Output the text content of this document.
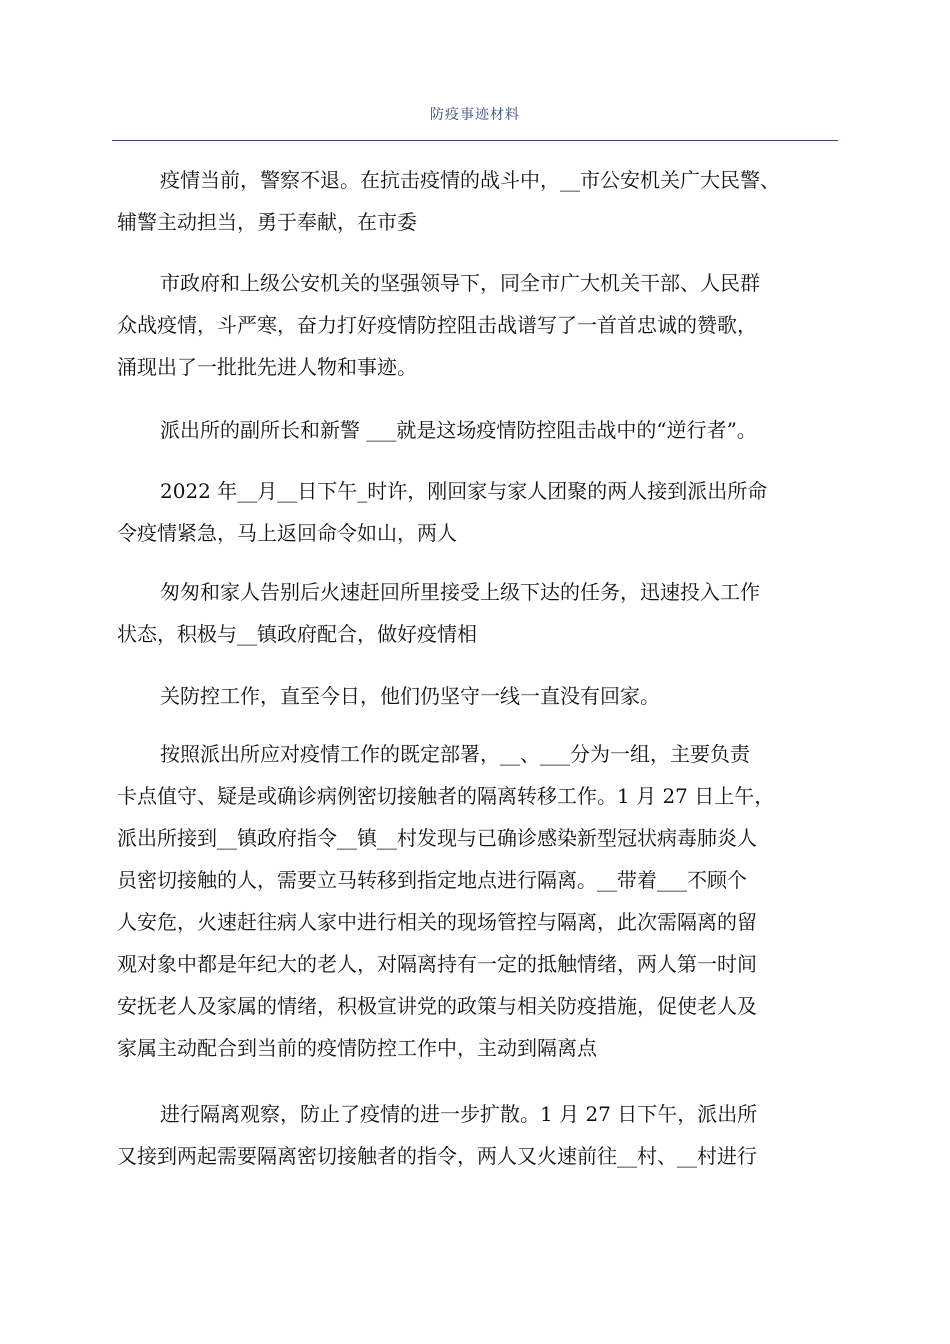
防疫事迹材料
疫情当前，警察不退。在抗击疫情的战斗中，__市公安机关广大民警、
辅警主动担当，勇于奉献，在市委
市政府和上级公安机关的坚强领导下，同全市广大机关干部、人民群
众战疫情，斗严寒，奋力打好疫情防控阻击战谱写了一首首忠诚的赞歌，
涌现出了一批批先进人物和事迹。
派出所的副所长和新警 ___就是这场疫情防控阻击战中的“逆行者”。
2022 年__月__日下午_时许，刚回家与家人团聚的两人接到派出所命
令疫情紧急，马上返回命令如山，两人
匆匆和家人告别后火速赶回所里接受上级下达的任务，迅速投入工作
状态，积极与__镇政府配合，做好疫情相
关防控工作，直至今日，他们仍坚守一线一直没有回家。
按照派出所应对疫情工作的既定部署，__、___分为一组，主要负责
卡点值守、疑是或确诊病例密切接触者的隔离转移工作。1 月 27 日上午，
派出所接到__镇政府指令__镇__村发现与已确诊感染新型冠状病毒肺炎人
员密切接触的人，需要立马转移到指定地点进行隔离。__带着___不顾个
人安危，火速赶往病人家中进行相关的现场管控与隔离，此次需隔离的留
观对象中都是年纪大的老人，对隔离持有一定的抵触情绪，两人第一时间
安抚老人及家属的情绪，积极宣讲党的政策与相关防疫措施，促使老人及
家属主动配合到当前的疫情防控工作中，主动到隔离点
进行隔离观察，防止了疫情的进一步扩散。1 月 27 日下午，派出所
又接到两起需要隔离密切接触者的指令，两人又火速前往__村、__村进行
